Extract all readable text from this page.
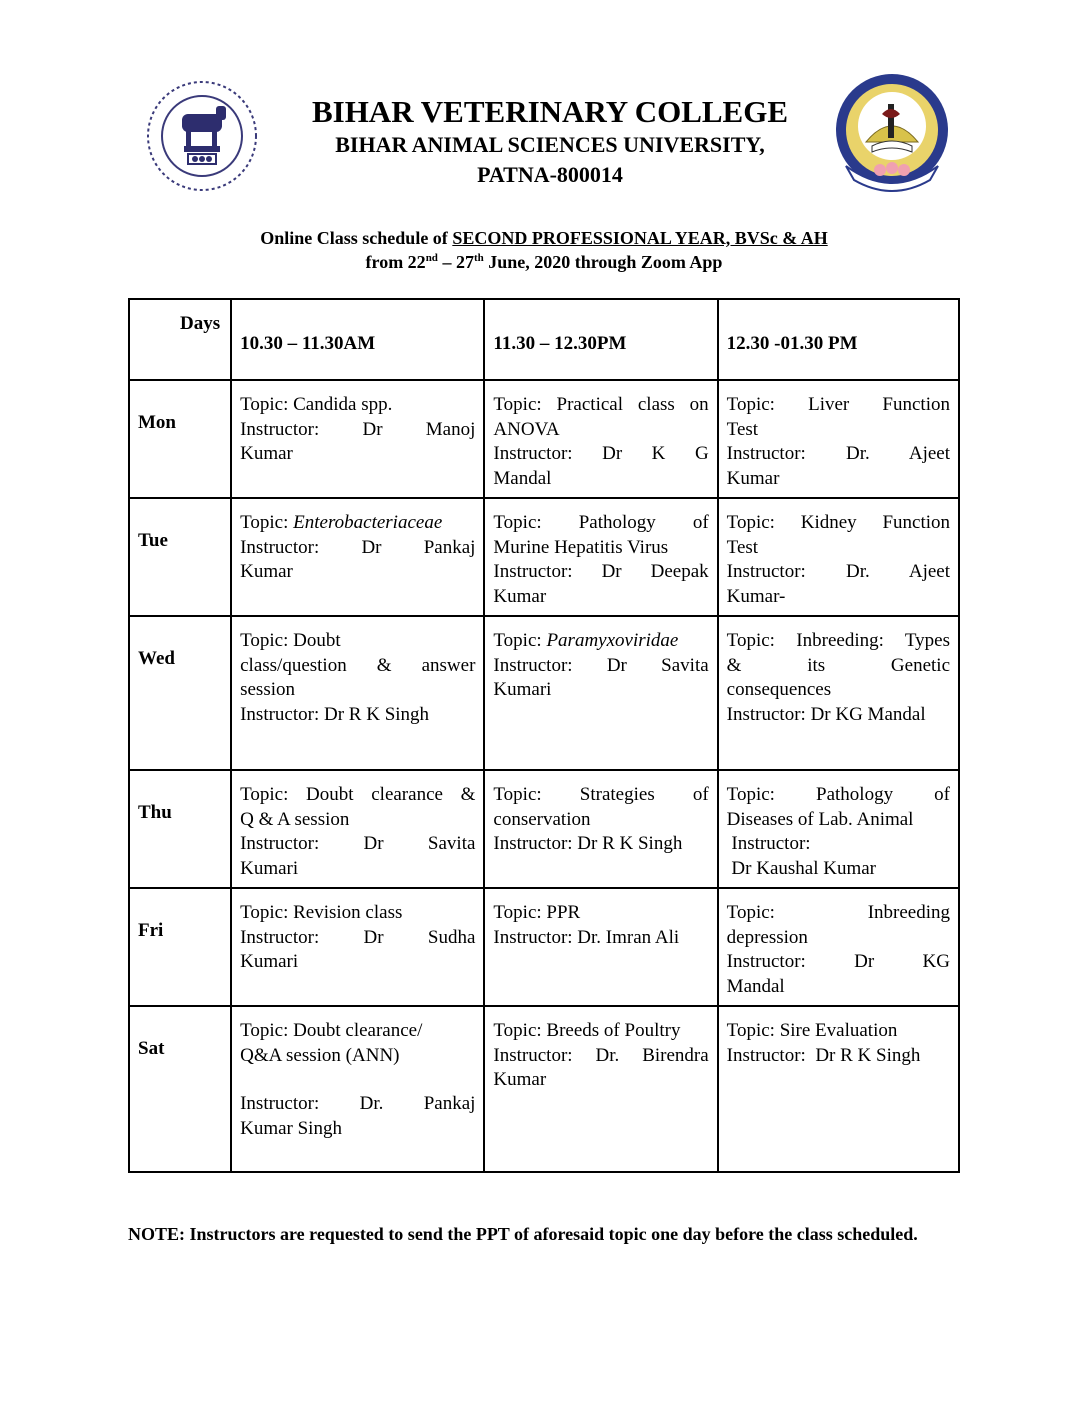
BIHAR VETERINARY COLLEGE
BIHAR ANIMAL SCIENCES UNIVERSITY,
PATNA-800014
Online Class schedule of SECOND PROFESSIONAL YEAR, BVSc & AH
from 22nd – 27th June, 2020 through Zoom App
Days	10.30 – 11.30AM	11.30 – 12.30PM	12.30 -01.30 PM
Mon	Topic: Candida spp.
Instructor: Dr Manoj
Kumar	Topic: Practical class on
ANOVA
Instructor: Dr K G
Mandal	Topic: Liver Function
Test
Instructor: Dr. Ajeet
Kumar

Tue	Topic: Enterobacteriaceae
Instructor: Dr Pankaj
Kumar	Topic: Pathology of
Murine Hepatitis Virus
Instructor: Dr Deepak
Kumar	Topic: Kidney Function
Test
Instructor: Dr. Ajeet
Kumar-

Wed	Topic: Doubt
class/question & answer
session
Instructor: Dr R K Singh	Topic: Paramyxoviridae
Instructor: Dr Savita
Kumari	Topic: Inbreeding: Types
& its Genetic
consequences
Instructor: Dr KG Mandal

Thu	Topic: Doubt clearance &
Q & A session
Instructor: Dr Savita
Kumari	Topic: Strategies of
conservation
Instructor: Dr R K Singh	Topic: Pathology of
Diseases of Lab. Animal
Instructor:
Dr Kaushal Kumar

Fri	Topic: Revision class
Instructor: Dr Sudha
Kumari	Topic: PPR
Instructor: Dr. Imran Ali	Topic: Inbreeding
depression
Instructor: Dr KG
Mandal

Sat	Topic: Doubt clearance/
Q&A session (ANN)
Instructor: Dr. Pankaj
Kumar Singh	Topic: Breeds of Poultry
Instructor: Dr. Birendra
Kumar	Topic: Sire Evaluation
Instructor:  Dr R K Singh
NOTE: Instructors are requested to send the PPT of aforesaid topic one day before the class scheduled.
